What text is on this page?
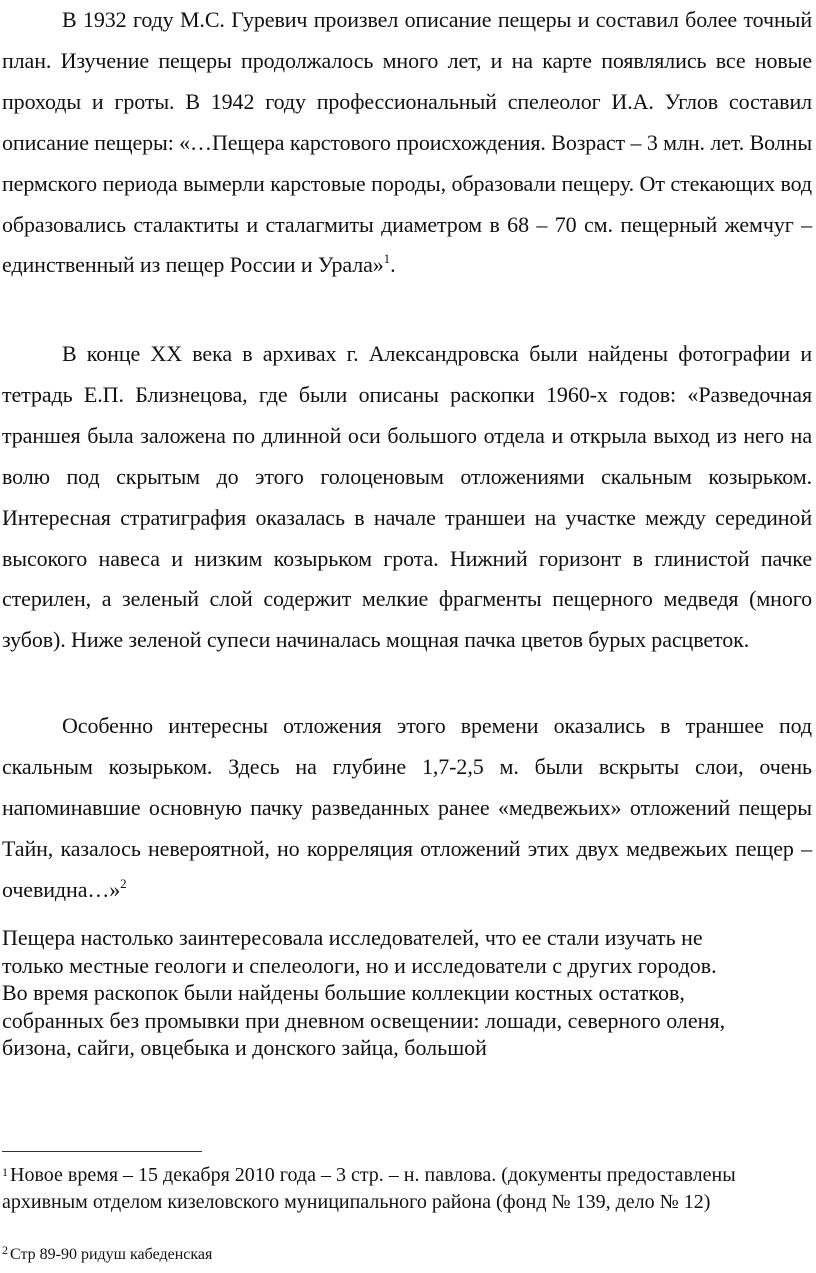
В 1932 году М.С. Гуревич произвел описание пещеры и составил более точный план. Изучение пещеры продолжалось много лет, и на карте появлялись все новые проходы и гроты. В 1942 году профессиональный спелеолог И.А. Углов составил описание пещеры: «…Пещера карстового происхождения. Возраст – 3 млн. лет. Волны пермского периода вымерли карстовые породы, образовали пещеру. От стекающих вод образовались сталактиты и сталагмиты диаметром в 68 – 70 см. пещерный жемчуг – единственный из пещер России и Урала»$^1$.

В конце XX века в архивах г. Александровска были найдены фотографии и тетрадь Е.П. Близнецова, где были описаны раскопки 1960-х годов: «Разведочная траншея была заложена по длинной оси большого отдела и открыла выход из него на волю под скрытым до этого голоценовым отложениями скальным козырьком. Интересная стратиграфия оказалась в начале траншеи на участке между серединой высокого навеса и низким козырьком грота. Нижний горизонт в глинистой пачке стерилен, а зеленый слой содержит мелкие фрагменты пещерного медведя (много зубов). Ниже зеленой супеси начиналась мощная пачка цветов бурых расцветок.

Особенно интересны отложения этого времени оказались в траншее под скальным козырьком. Здесь на глубине 1,7-2,5 м. были вскрыты слои, очень напоминавшие основную пачку разведанных ранее «медвежьих» отложений пещеры Тайн, казалось невероятной, но корреляция отложений этих двух медвежьих пещер – очевидна…»$^2$

Пещера настолько заинтересовала исследователей, что ее стали изучать не
только местные геологи и спелеологи, но и исследователи с других городов.
Во время раскопок были найдены большие коллекции костных остатков,
собранных без промывки при дневном освещении: лошади, северного оленя,
бизона, сайги, овцебыка и донского зайца, большой

$^1$ Новое время – 15 декабря 2010 года – 3 стр. – н. павлова. (документы предоставлены архивным отделом кизеловского муниципального района (фонд № 139, дело № 12)

$^2$ Стр 89-90 ридуш кабеденская
